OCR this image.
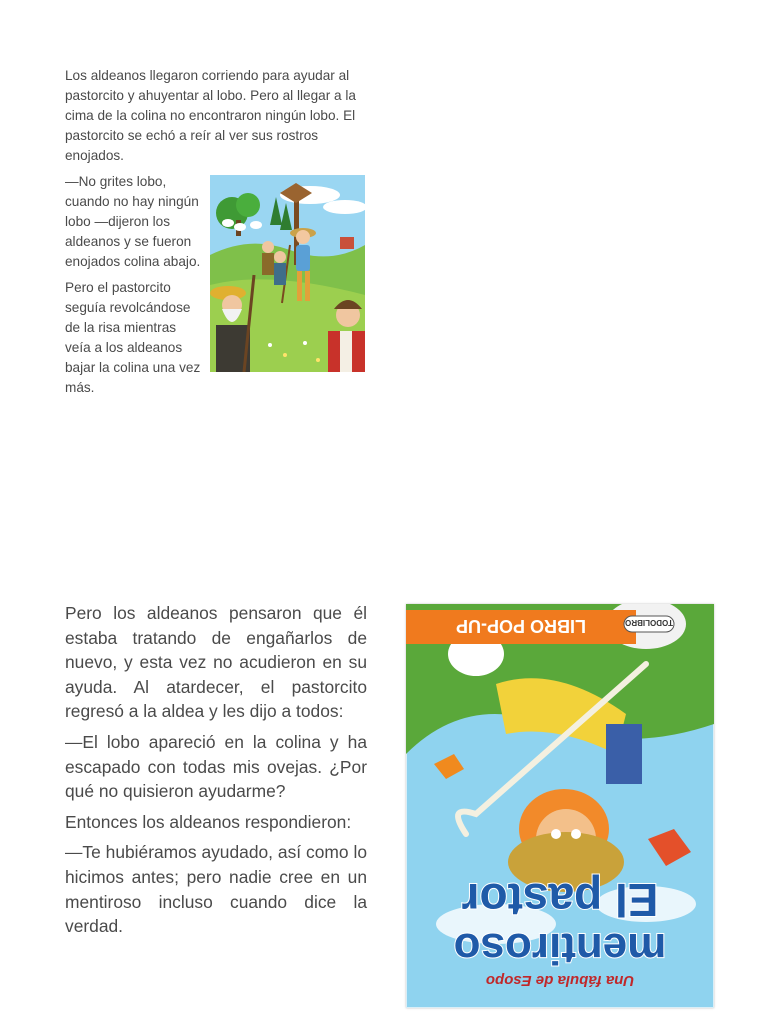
Los aldeanos llegaron corriendo para ayudar al pastorcito y ahuyentar al lobo. Pero al llegar a la cima de la colina no encontraron ningún lobo. El pastorcito se echó a reír al ver sus rostros enojados.

—No grites lobo, cuando no hay ningún lobo —dijeron los aldeanos y se fueron enojados colina abajo.

Pero el pastorcito seguía revolcándose de la risa mientras veía a los aldeanos bajar la colina una vez más.

Pero los aldeanos pensaron que él estaba tratando de engañarlos de nuevo, y esta vez no acudieron en su ayuda. Al atardecer, el pastorcito regresó a la aldea y les dijo a todos:

—El lobo apareció en la colina y ha escapado con todas mis ovejas. ¿Por qué no quisieron ayudarme?

Entonces los aldeanos respondieron:

—Te hubiéramos ayudado, así como lo hicimos antes; pero nadie cree en un mentiroso incluso cuando dice la verdad.

LIBRO POP-UP
Una fábula de Esopo
mentiroso
El pastor
TODOLIBRO
